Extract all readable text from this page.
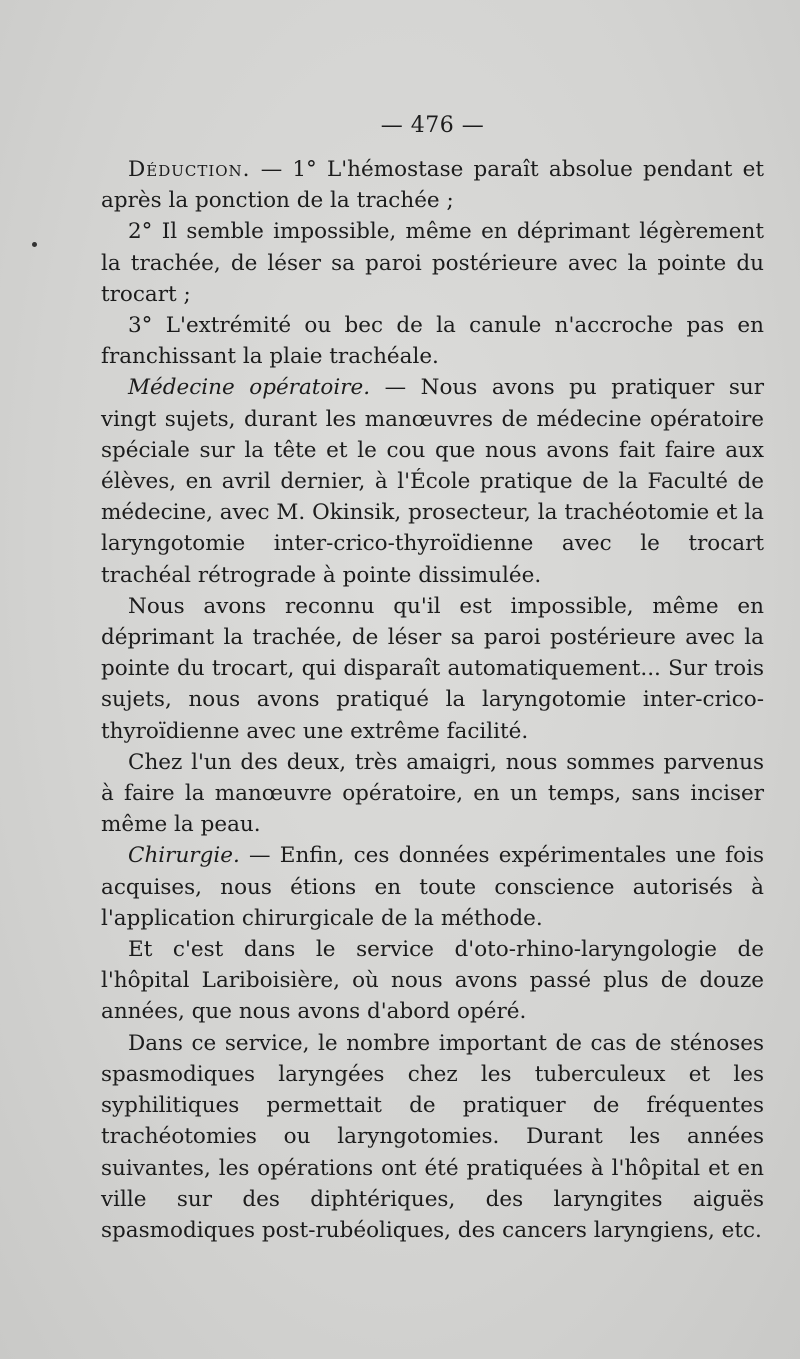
— 476 —

Déduction. — 1° L'hémostase paraît absolue pendant et après la ponction de la trachée ;

2° Il semble impossible, même en déprimant légèrement la trachée, de léser sa paroi postérieure avec la pointe du trocart ;

3° L'extrémité ou bec de la canule n'accroche pas en franchissant la plaie trachéale.

Médecine opératoire. — Nous avons pu pratiquer sur vingt sujets, durant les manœuvres de médecine opératoire spéciale sur la tête et le cou que nous avons fait faire aux élèves, en avril dernier, à l'École pratique de la Faculté de médecine, avec M. Okinsik, prosecteur, la trachéotomie et la laryngotomie inter-crico-thyroïdienne avec le trocart trachéal rétrograde à pointe dissimulée.

Nous avons reconnu qu'il est impossible, même en déprimant la trachée, de léser sa paroi postérieure avec la pointe du trocart, qui disparaît automatiquement... Sur trois sujets, nous avons pratiqué la laryngotomie inter-crico-thyroïdienne avec une extrême facilité.

Chez l'un des deux, très amaigri, nous sommes parvenus à faire la manœuvre opératoire, en un temps, sans inciser même la peau.

Chirurgie. — Enfin, ces données expérimentales une fois acquises, nous étions en toute conscience autorisés à l'application chirurgicale de la méthode.

Et c'est dans le service d'oto-rhino-laryngologie de l'hôpital Lariboisière, où nous avons passé plus de douze années, que nous avons d'abord opéré.

Dans ce service, le nombre important de cas de sténoses spasmodiques laryngées chez les tuberculeux et les syphilitiques permettait de pratiquer de fréquentes trachéotomies ou laryngotomies. Durant les années suivantes, les opérations ont été pratiquées à l'hôpital et en ville sur des diphtériques, des laryngites aiguës spasmodiques post-rubéoliques, des cancers laryngiens, etc.
